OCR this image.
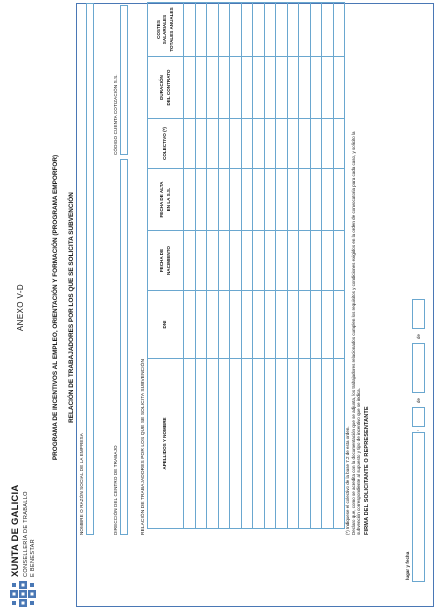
XUNTA DE GALICIA CONSELLERÍA DE TRABALLO E BENESTAR
ANEXO V-D	PROGRAMA DE INCENTIVOS AL EMPLEO, ORIENTACIÓN Y FORMACIÓN (PROGRAMA EMPORFOR) RELACIÓN DE TRABAJADORES POR LOS QUE SE SOLICITA SUBVENCIÓN
NOMBRE O RAZÓN SOCIAL DE LA EMPRESA	DIRECCIÓN DEL CENTRO DE TRABAJO
CÓDIGO CUENTA COTIZACIÓN S.S.
RELACIÓN DE TRABAJADORES POR LOS QUE SE SOLICITA SUBVENCIÓN	APELLIDOS Y NOMBRE	DNI	FECHA DE
NACIMIENTO	FECHA DE ALTA
EN LA S.S.	COLECTIVO (*)	DURACIÓN
DEL CONTRATO	COSTES SALARIALES
TOTALES ANUALES

(*) Indiquese el colectivo de la base 7.2 de esta orden. Declaro que, como se acredita con la documentación que se adjunta, los trabajadores relacionados cumplen los requisitos y condiciones exigidos en la orden de convocatoria para cada caso, y solicito la subvención correspondiente al supuesto y tipo de incentivo que se indica. FIRMA DEL SOLICITANTE O REPRESENTANTE
lugar y fecha
,
de
de
